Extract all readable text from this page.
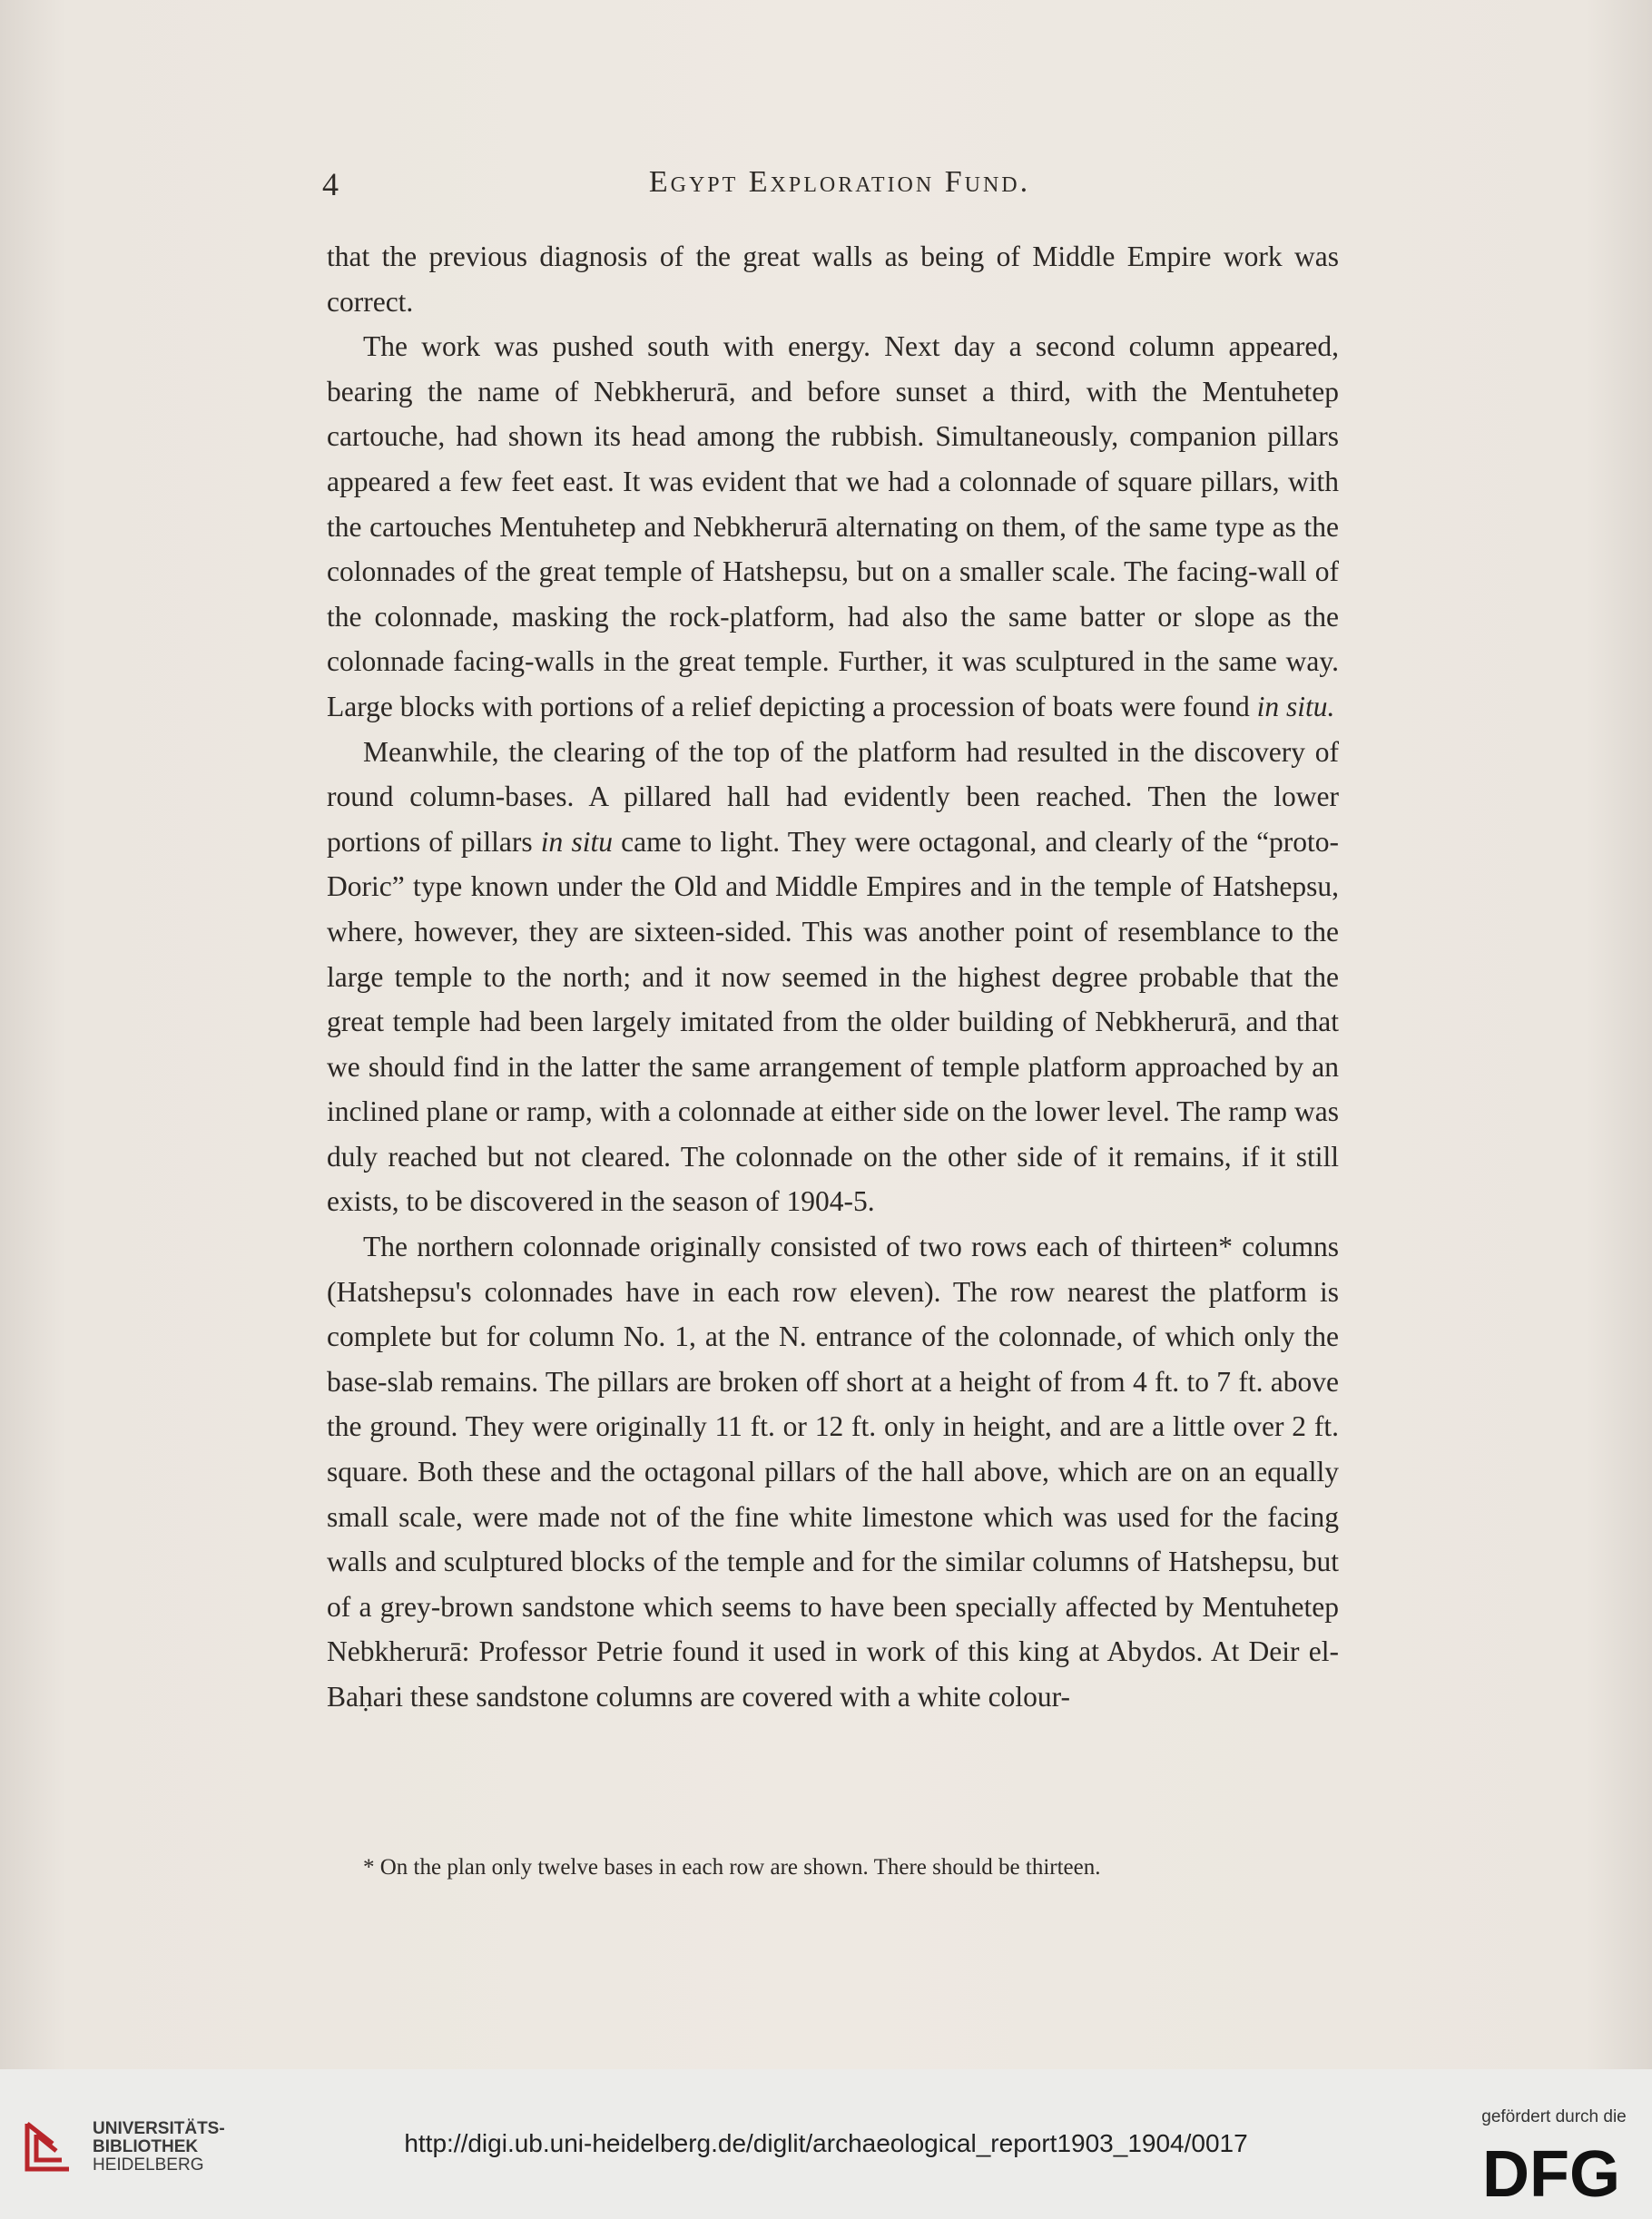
4	Egypt Exploration Fund.

that the previous diagnosis of the great walls as being of Middle Empire work was correct.

The work was pushed south with energy. Next day a second column appeared, bearing the name of Nebkherurā, and before sunset a third, with the Mentuhetep cartouche, had shown its head among the rubbish. Simultaneously, companion pillars appeared a few feet east. It was evident that we had a colonnade of square pillars, with the cartouches Mentuhetep and Nebkherurā alternating on them, of the same type as the colonnades of the great temple of Hatshepsu, but on a smaller scale. The facing-wall of the colonnade, masking the rock-platform, had also the same batter or slope as the colonnade facing-walls in the great temple. Further, it was sculptured in the same way. Large blocks with portions of a relief depicting a procession of boats were found in situ.

Meanwhile, the clearing of the top of the platform had resulted in the discovery of round column-bases. A pillared hall had evidently been reached. Then the lower portions of pillars in situ came to light. They were octagonal, and clearly of the “proto-Doric” type known under the Old and Middle Empires and in the temple of Hatshepsu, where, however, they are sixteen-sided. This was another point of resemblance to the large temple to the north; and it now seemed in the highest degree probable that the great temple had been largely imitated from the older building of Nebkherurā, and that we should find in the latter the same arrangement of temple platform approached by an inclined plane or ramp, with a colonnade at either side on the lower level. The ramp was duly reached but not cleared. The colonnade on the other side of it remains, if it still exists, to be discovered in the season of 1904-5.

The northern colonnade originally consisted of two rows each of thirteen* columns (Hatshepsu's colonnades have in each row eleven). The row nearest the platform is complete but for column No. 1, at the N. entrance of the colonnade, of which only the base-slab remains. The pillars are broken off short at a height of from 4 ft. to 7 ft. above the ground. They were originally 11 ft. or 12 ft. only in height, and are a little over 2 ft. square. Both these and the octagonal pillars of the hall above, which are on an equally small scale, were made not of the fine white limestone which was used for the facing walls and sculptured blocks of the temple and for the similar columns of Hatshepsu, but of a grey-brown sandstone which seems to have been specially affected by Mentuhetep Nebkherurā: Professor Petrie found it used in work of this king at Abydos. At Deir el-Baḥari these sandstone columns are covered with a white colour-

* On the plan only twelve bases in each row are shown. There should be thirteen.
UNIVERSITÄTS-
BIBLIOTHEK
HEIDELBERG
http://digi.ub.uni-heidelberg.de/diglit/archaeological_report1903_1904/0017
gefördert durch die
DFG
